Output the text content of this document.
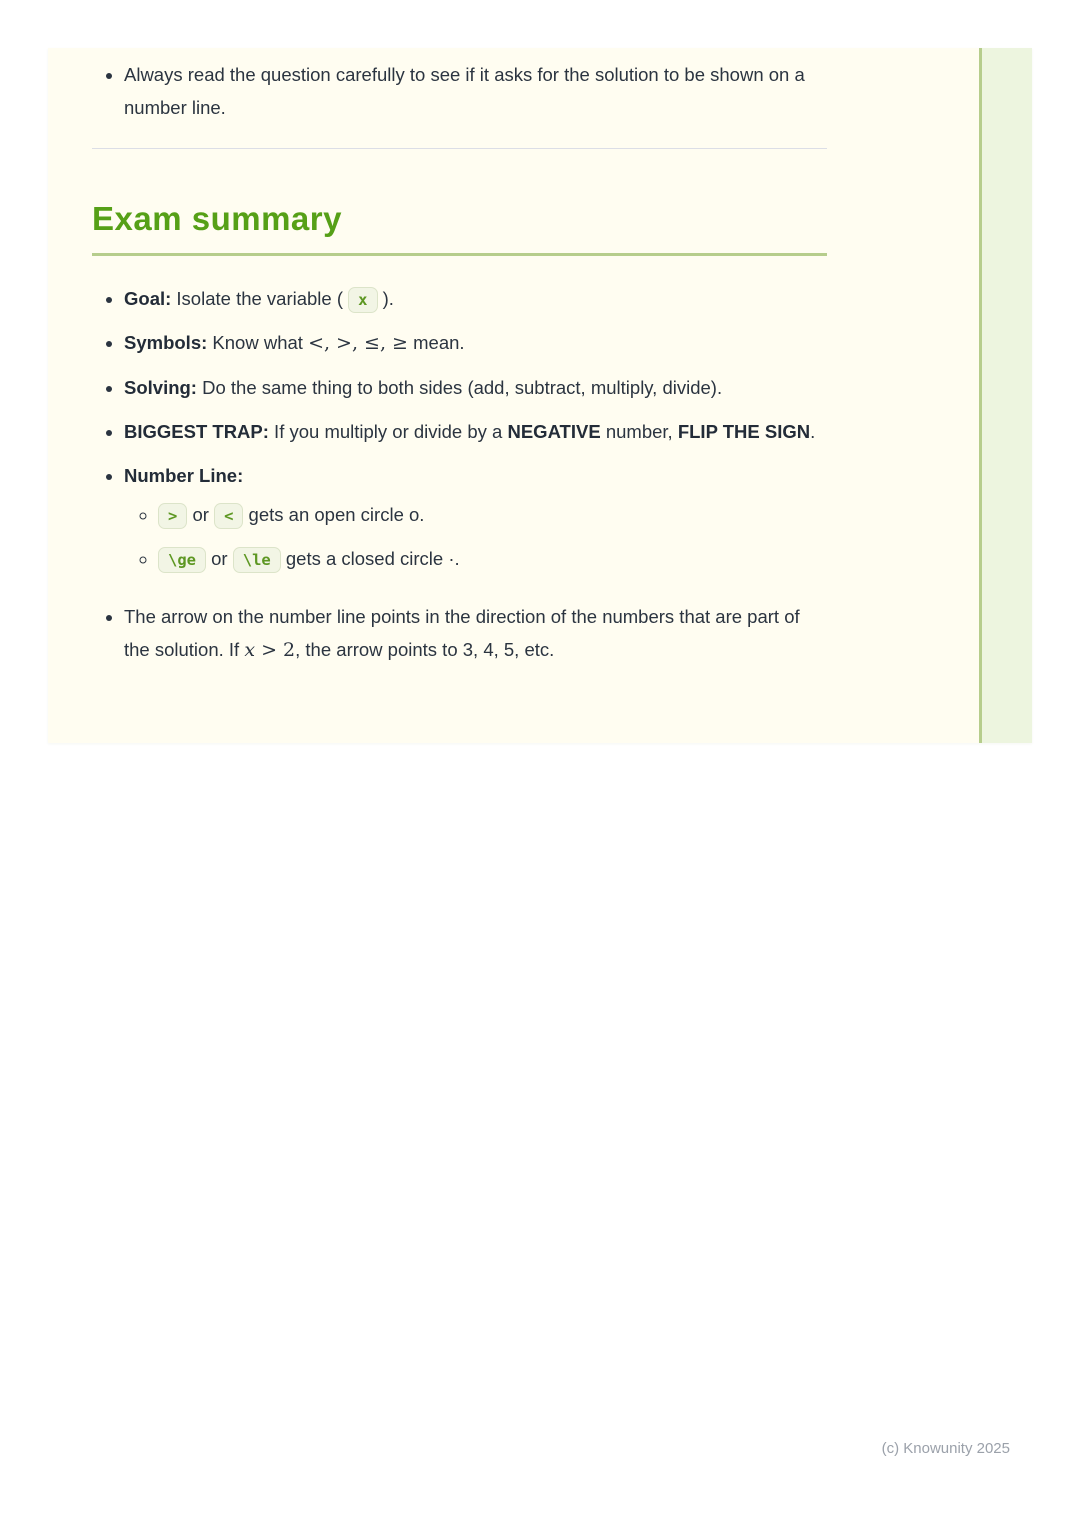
• Always read the question carefully to see if it asks for the solution to be shown on a number line.
Exam summary
• Goal: Isolate the variable ( x ).
• Symbols: Know what <, >, ≤, ≥ mean.
• Solving: Do the same thing to both sides (add, subtract, multiply, divide).
• BIGGEST TRAP: If you multiply or divide by a NEGATIVE number, FLIP THE SIGN.
• Number Line:
◦ > or < gets an open circle o.
◦ \ge or \le gets a closed circle ·.
• The arrow on the number line points in the direction of the numbers that are part of the solution. If x > 2, the arrow points to 3, 4, 5, etc.
(c) Knowunity 2025
